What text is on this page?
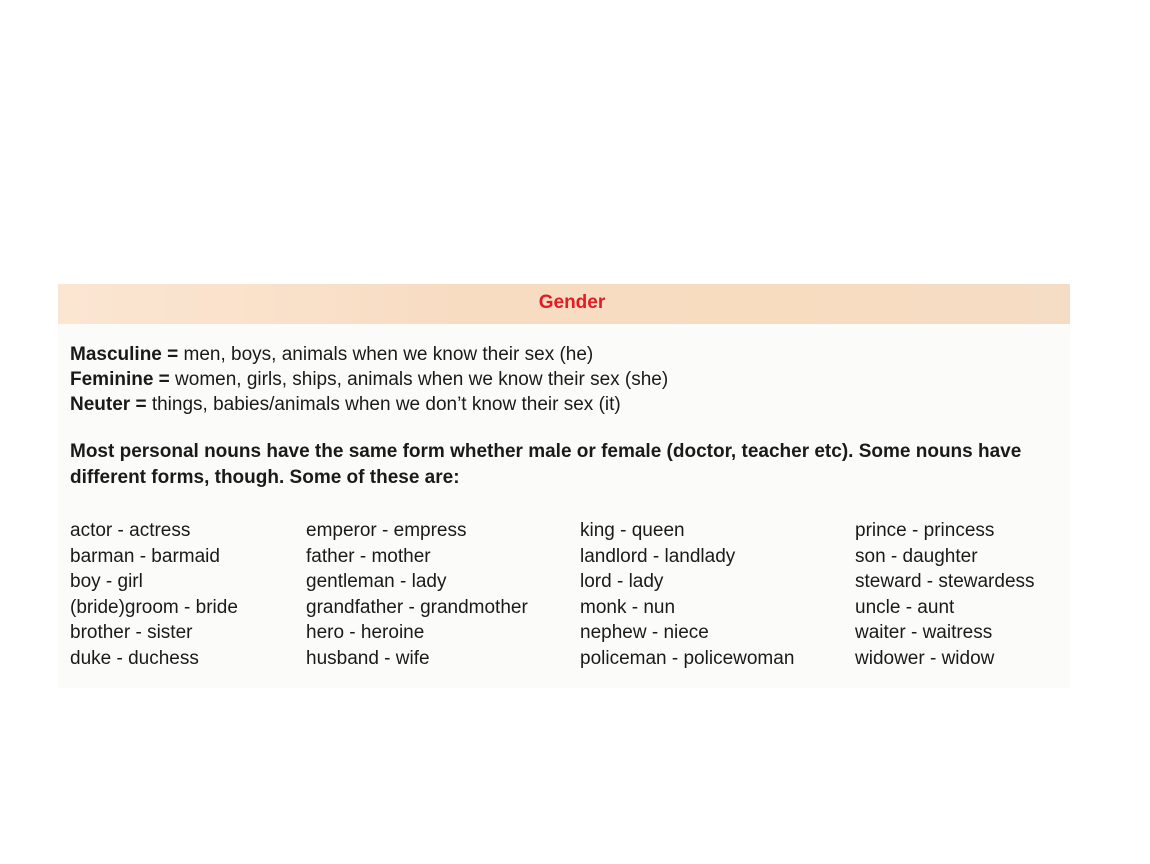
Gender
Masculine = men, boys, animals when we know their sex (he)
Feminine = women, girls, ships, animals when we know their sex (she)
Neuter = things, babies/animals when we don’t know their sex (it)
Most personal nouns have the same form whether male or female (doctor, teacher etc). Some nouns have different forms, though. Some of these are:
actor - actress
barman - barmaid
boy - girl
(bride)groom - bride
brother - sister
duke - duchess
emperor - empress
father - mother
gentleman - lady
grandfather - grandmother
hero - heroine
husband - wife
king - queen
landlord - landlady
lord - lady
monk - nun
nephew - niece
policeman - policewoman
prince - princess
son - daughter
steward - stewardess
uncle - aunt
waiter - waitress
widower - widow
